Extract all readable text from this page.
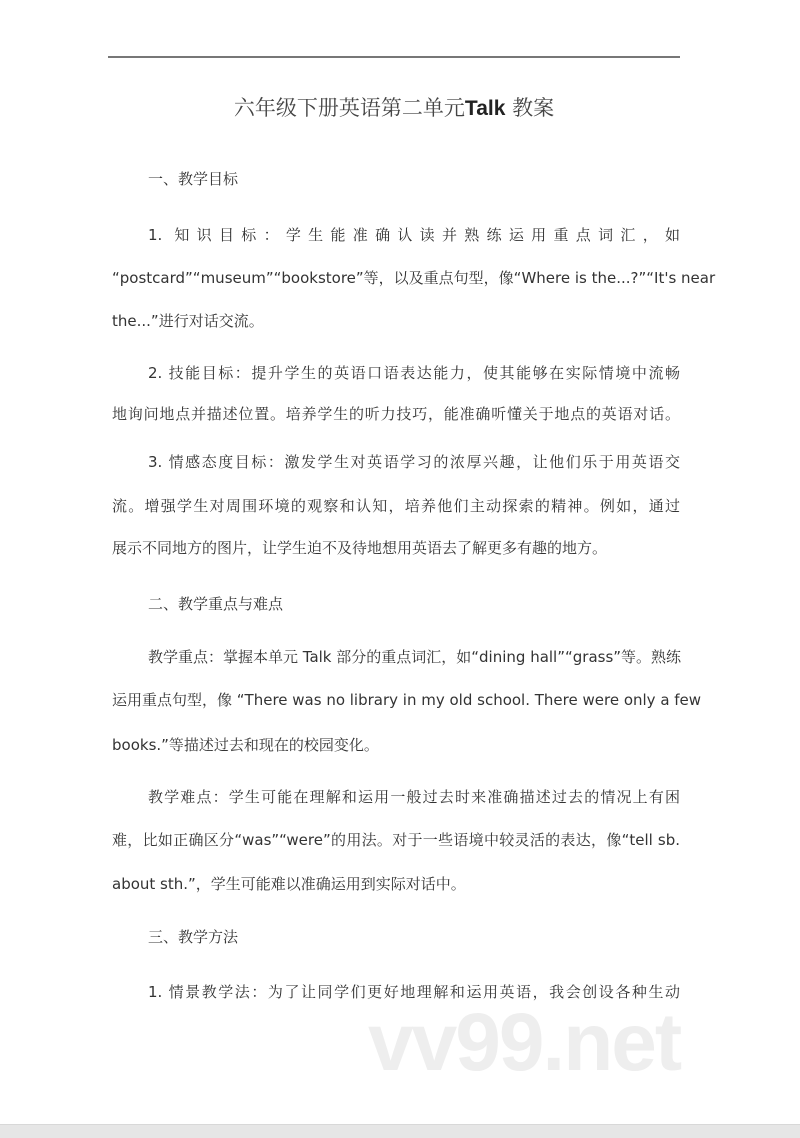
六年级下册英语第二单元Talk 教案
一、教学目标
1. 知识目标：学生能准确认读并熟练运用重点词汇，如
“postcard”“museum”“bookstore”等，以及重点句型，像“Where is the...?”“It's near
the...”进行对话交流。
2. 技能目标：提升学生的英语口语表达能力，使其能够在实际情境中流畅
地询问地点并描述位置。培养学生的听力技巧，能准确听懂关于地点的英语对话。
3. 情感态度目标：激发学生对英语学习的浓厚兴趣，让他们乐于用英语交
流。增强学生对周围环境的观察和认知，培养他们主动探索的精神。例如，通过
展示不同地方的图片，让学生迫不及待地想用英语去了解更多有趣的地方。
二、教学重点与难点
教学重点：掌握本单元 Talk 部分的重点词汇，如“dining hall”“grass”等。熟练
运用重点句型，像 “There was no library in my old school. There were only a few
books.”等描述过去和现在的校园变化。
教学难点：学生可能在理解和运用一般过去时来准确描述过去的情况上有困
难，比如正确区分“was”“were”的用法。对于一些语境中较灵活的表达，像“tell sb.
about sth.”，学生可能难以准确运用到实际对话中。
三、教学方法
1. 情景教学法：为了让同学们更好地理解和运用英语，我会创设各种生动
vv99.net
